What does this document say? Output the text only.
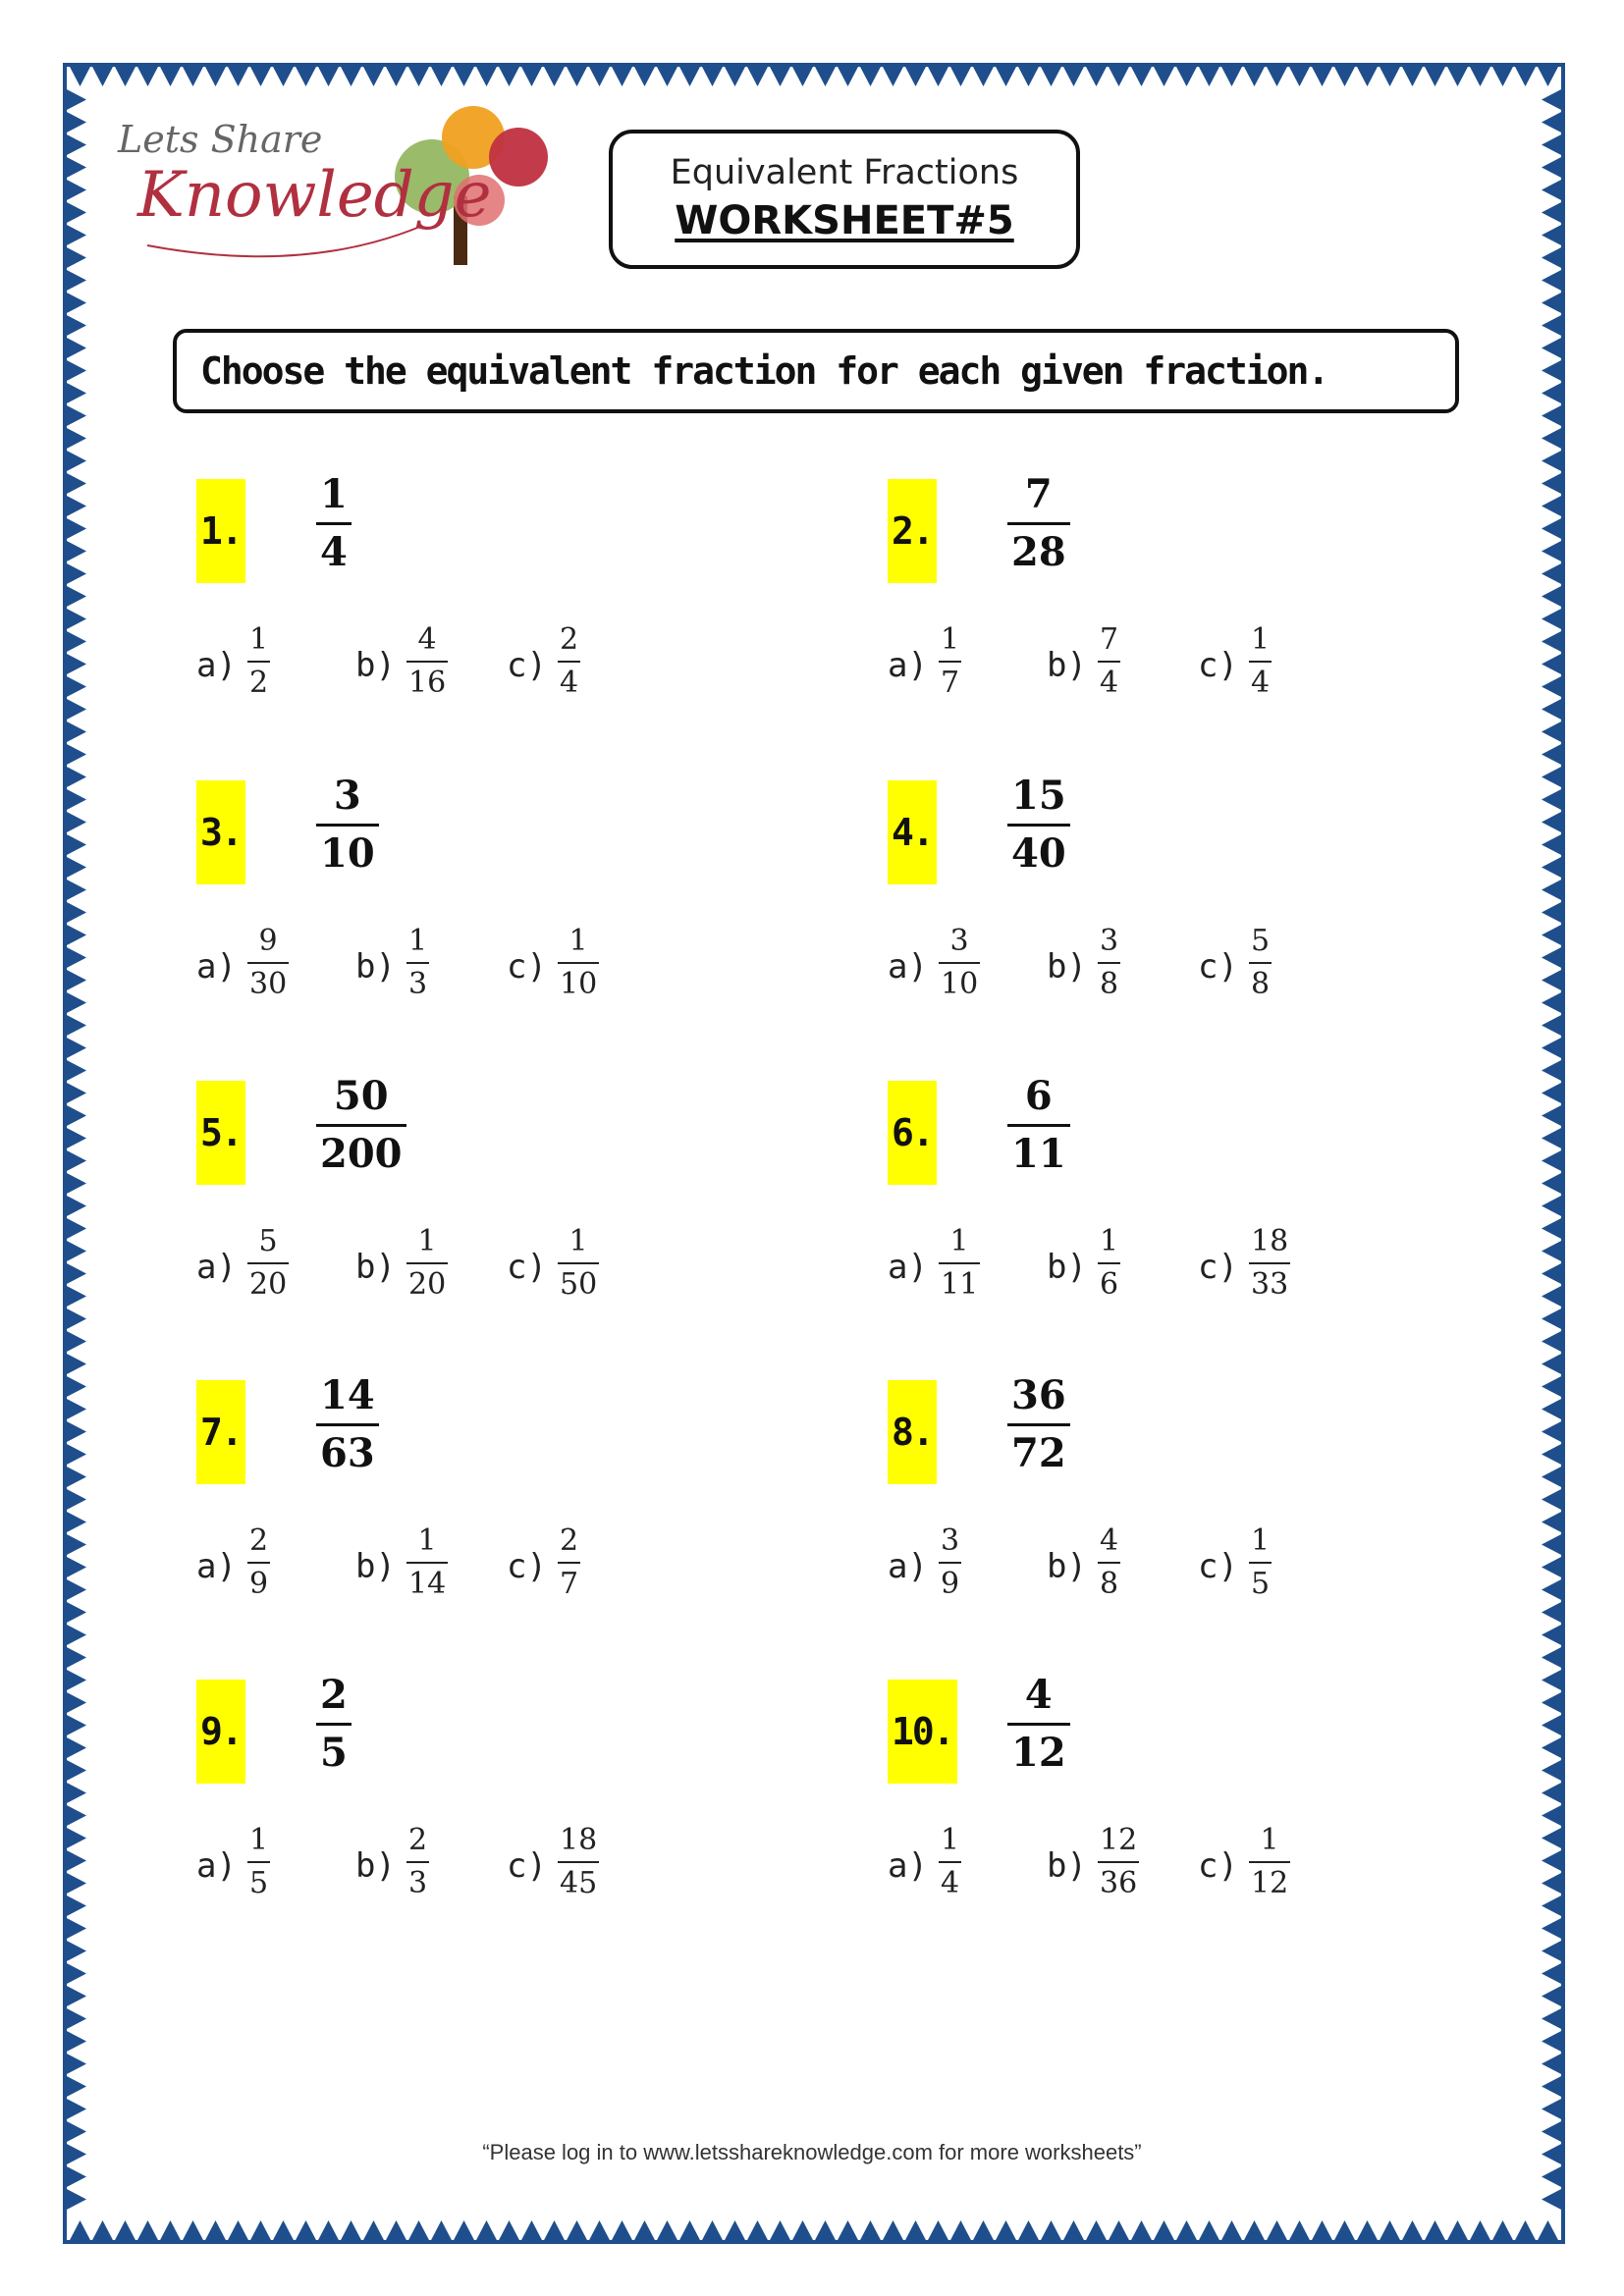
Lets Share
Knowledge	Equivalent Fractions
WORKSHEET#5
Choose the equivalent fraction for each given fraction.
1.
1
4
a)
1
2	b)
4
16 c)
2
4
2.
7
28
a)
1
7	b)
7
4 c)
1
4
3.
3
10
a)
9
30 b)
1
3 c)
1
10
4.
15
40
a)
3
10 b)
3
8 c)
5
8
5.
50
200
a)
5
20 b)
1
20 c)
1
50
6.
6
11
a)
1
11 b)
1
6 c)
18
33
7.
14
63
a)
2
9	b)
1
14 c)
2
7
8.
36
72
a)
3
9	b)
4
8 c)
1
5
9.
2
5
a)
1
5	b)
2
3 c)
18
45
10.
4
12
a)
1
4	b)
12
36 c)
1
12
“Please log in to www.letsshareknowledge.com for more worksheets”
